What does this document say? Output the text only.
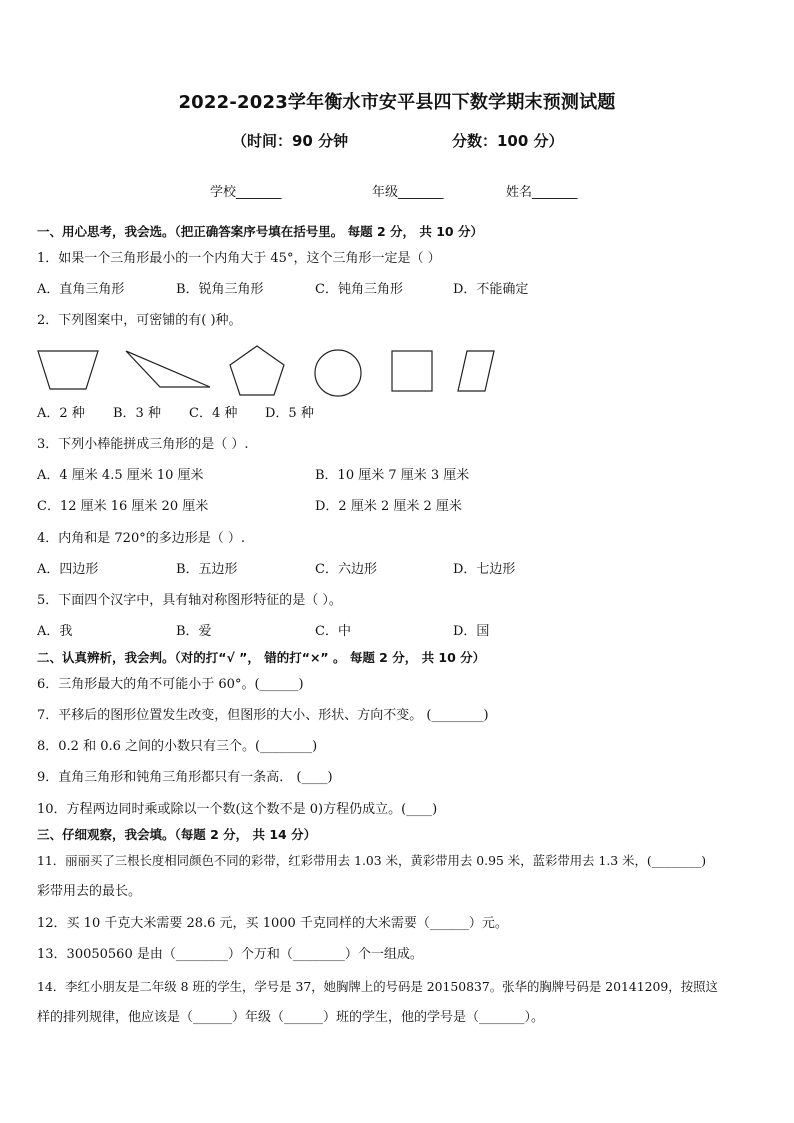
2022-2023学年衡水市安平县四下数学期末预测试题
（时间：90 分钟	分数：100 分）
学校_______	年级_______	姓名_______
一、用心思考，我会选。（把正确答案序号填在括号里。 每题 2 分， 共 10 分）
1．如果一个三角形最小的一个内角大于 45°，这个三角形一定是（ ）
A．直角三角形	B．锐角三角形	C．钝角三角形	D．不能确定
2．下列图案中，可密铺的有( )种。
A．2 种 B．3 种 C．4 种 D．5 种
3．下列小棒能拼成三角形的是（ ）.
A．4 厘米 4.5 厘米 10 厘米	B．10 厘米 7 厘米 3 厘米
C．12 厘米 16 厘米 20 厘米	D．2 厘米 2 厘米 2 厘米
4．内角和是 720°的多边形是（ ）.
A．四边形	B．五边形	C．六边形	D．七边形
5．下面四个汉字中，具有轴对称图形特征的是（ ）。
A．我	B．爱	C．中	D．国
二、认真辨析，我会判。（对的打“√ ”， 错的打“×” 。 每题 2 分， 共 10 分）
6．三角形最大的角不可能小于 60°。(______)
7．平移后的图形位置发生改变，但图形的大小、形状、方向不变。 (________)
8．0.2 和 0.6 之间的小数只有三个。(________)
9．直角三角形和钝角三角形都只有一条高． (____)
10．方程两边同时乘或除以一个数(这个数不是 0)方程仍成立。(____)
三、仔细观察，我会填。（每题 2 分， 共 14 分）
11．丽丽买了三根长度相同颜色不同的彩带，红彩带用去 1.03 米，黄彩带用去 0.95 米，蓝彩带用去 1.3 米，(________)
彩带用去的最长。
12．买 10 千克大米需要 28.6 元，买 1000 千克同样的大米需要（______）元。
13．30050560 是由（________）个万和（________）个一组成。
14．李红小朋友是二年级 8 班的学生，学号是 37，她胸牌上的号码是 20150837。张华的胸牌号码是 20141209，按照这
样的排列规律，他应该是（______）年级（______）班的学生，他的学号是（_______）。
